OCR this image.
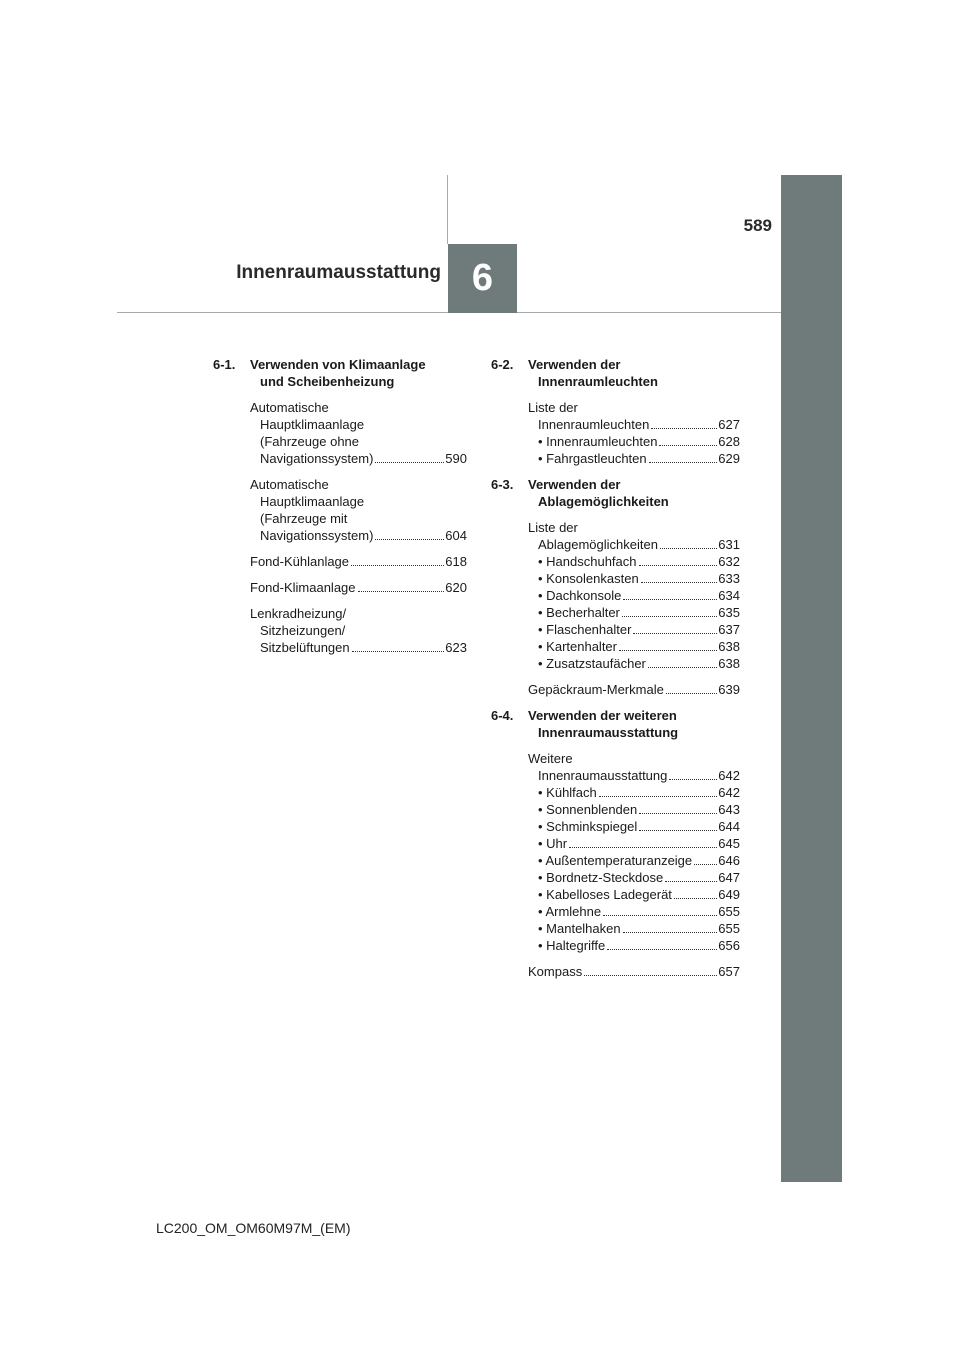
589
Innenraumausstattung 6
6-1.	Verwenden von Klimaanlage
und Scheibenheizung
Automatische
Hauptklimaanlage
(Fahrzeuge ohne
Navigationssystem)	590
Automatische
Hauptklimaanlage
(Fahrzeuge mit
Navigationssystem)	604
Fond-Kühlanlage	618
Fond-Klimaanlage	620
Lenkradheizung/
Sitzheizungen/
Sitzbelüftungen	623
6-2.	Verwenden der
Innenraumleuchten
Liste der
Innenraumleuchten	627
• Innenraumleuchten	628
• Fahrgastleuchten	629
6-3.	Verwenden der
Ablagemöglichkeiten
Liste der
Ablagemöglichkeiten	631
• Handschuhfach	632
• Konsolenkasten	633
• Dachkonsole	634
• Becherhalter	635
• Flaschenhalter	637
• Kartenhalter	638
• Zusatzstaufächer	638
Gepäckraum-Merkmale	639
6-4.	Verwenden der weiteren
Innenraumausstattung
Weitere
Innenraumausstattung	642
• Kühlfach	642
• Sonnenblenden	643
• Schminkspiegel	644
• Uhr	645
• Außentemperaturanzeige 646
• Bordnetz-Steckdose	647
• Kabelloses Ladegerät	649
• Armlehne	655
• Mantelhaken	655
• Haltegriffe	656
Kompass	657
LC200_OM_OM60M97M_(EM)
